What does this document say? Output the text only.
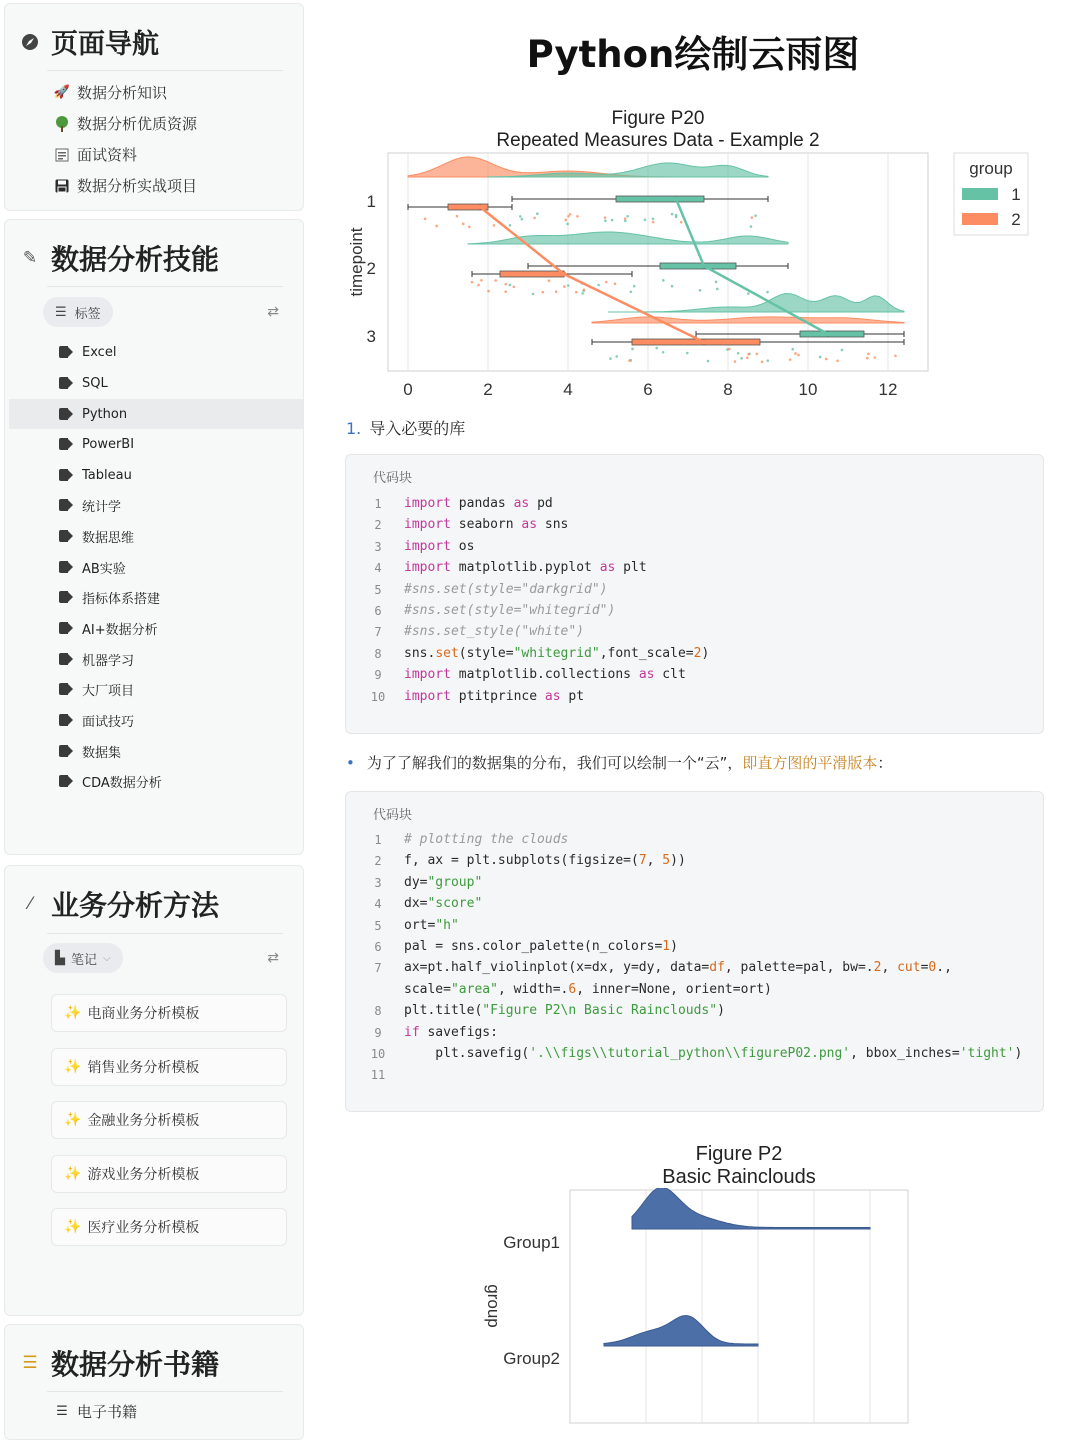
页面导航
🚀 数据分析知识
数据分析优质资源
面试资料
数据分析实战项目
✎ 数据分析技能
☰ 标签	⇄
Excel
SQL
Python
PowerBI
Tableau
统计学
数据思维
AB实验
指标体系搭建
AI+数据分析
机器学习
大厂项目
面试技巧
数据集
CDA数据分析
⁄ 业务分析方法
▙ 笔记 ⌵	⇄
✨ 电商业务分析模板
✨ 销售业务分析模板
✨ 金融业务分析模板
✨ 游戏业务分析模板
✨ 医疗业务分析模板
☰ 数据分析书籍
☰ 电子书籍
Python绘制云雨图
Figure P20
Repeated Measures Data - Example 2
0	2	4	6	8	10	12
1
2
3
timepoint
group
1
2
1. 导入必要的库
代码块
1	import pandas as pd
2	import seaborn as sns
3	import os
4	import matplotlib.pyplot as plt
5	#sns.set(style="darkgrid")
6	#sns.set(style="whitegrid")
7	#sns.set_style("white")
8	sns.set(style="whitegrid",font_scale=2)
9	import matplotlib.collections as clt
10 import ptitprince as pt
• 为了了解我们的数据集的分布，我们可以绘制一个“云”，即直方图的平滑版本：
代码块
1	# plotting the clouds
2	f, ax = plt.subplots(figsize=(7, 5))
3	dy="group"
4	dx="score"
5	ort="h"
6	pal = sns.color_palette(n_colors=1)
7	ax=pt.half_violinplot(x=dx, y=dy, data=df, palette=pal, bw=.2, cut=0.,
scale="area", width=.6, inner=None, orient=ort)
8	plt.title("Figure P2\n Basic Rainclouds")
9	if savefigs:
10 plt.savefig('.\\figs\\tutorial_python\\figureP02.png', bbox_inches='tight')
11
Figure P2
Basic Rainclouds
Group1
Group2
group
